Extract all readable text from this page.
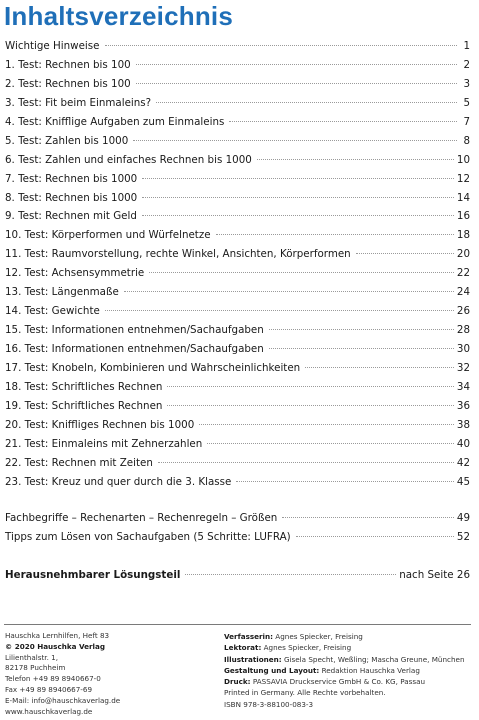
Inhaltsverzeichnis
Wichtige Hinweise	1
1. Test: Rechnen bis 100	2
2. Test: Rechnen bis 100	3
3. Test: Fit beim Einmaleins?	5
4. Test: Knifflige Aufgaben zum Einmaleins	7
5. Test: Zahlen bis 1000	8
6. Test: Zahlen und einfaches Rechnen bis 1000	10
7. Test: Rechnen bis 1000	12
8. Test: Rechnen bis 1000	14
9. Test: Rechnen mit Geld	16
10. Test: Körperformen und Würfelnetze	18
11. Test: Raumvorstellung, rechte Winkel, Ansichten, Körperformen	20
12. Test: Achsensymmetrie	22
13. Test: Längenmaße	24
14. Test: Gewichte	26
15. Test: Informationen entnehmen/Sachaufgaben	28
16. Test: Informationen entnehmen/Sachaufgaben	30
17. Test: Knobeln, Kombinieren und Wahrscheinlichkeiten	32
18. Test: Schriftliches Rechnen	34
19. Test: Schriftliches Rechnen	36
20. Test: Kniffliges Rechnen bis 1000	38
21. Test: Einmaleins mit Zehnerzahlen	40
22. Test: Rechnen mit Zeiten	42
23. Test: Kreuz und quer durch die 3. Klasse	45
Fachbegriffe – Rechenarten – Rechenregeln – Größen	49
Tipps zum Lösen von Sachaufgaben (5 Schritte: LUFRA)	52
Herausnehmbarer Lösungsteil	nach Seite 26
Hauschka Lernhilfen, Heft 83
© 2020 Hauschka Verlag
Lilienthalstr. 1,
82178 Puchheim
Telefon +49 89 8940667-0
Fax +49 89 8940667-69
E-Mail: info@hauschkaverlag.de
www.hauschkaverlag.de
Verfasserin: Agnes Spiecker, Freising
Lektorat: Agnes Spiecker, Freising
Illustrationen: Gisela Specht, Weßling; Mascha Greune, München
Gestaltung und Layout: Redaktion Hauschka Verlag
Druck: PASSAVIA Druckservice GmbH & Co. KG, Passau
Printed in Germany. Alle Rechte vorbehalten.
ISBN 978-3-88100-083-3
